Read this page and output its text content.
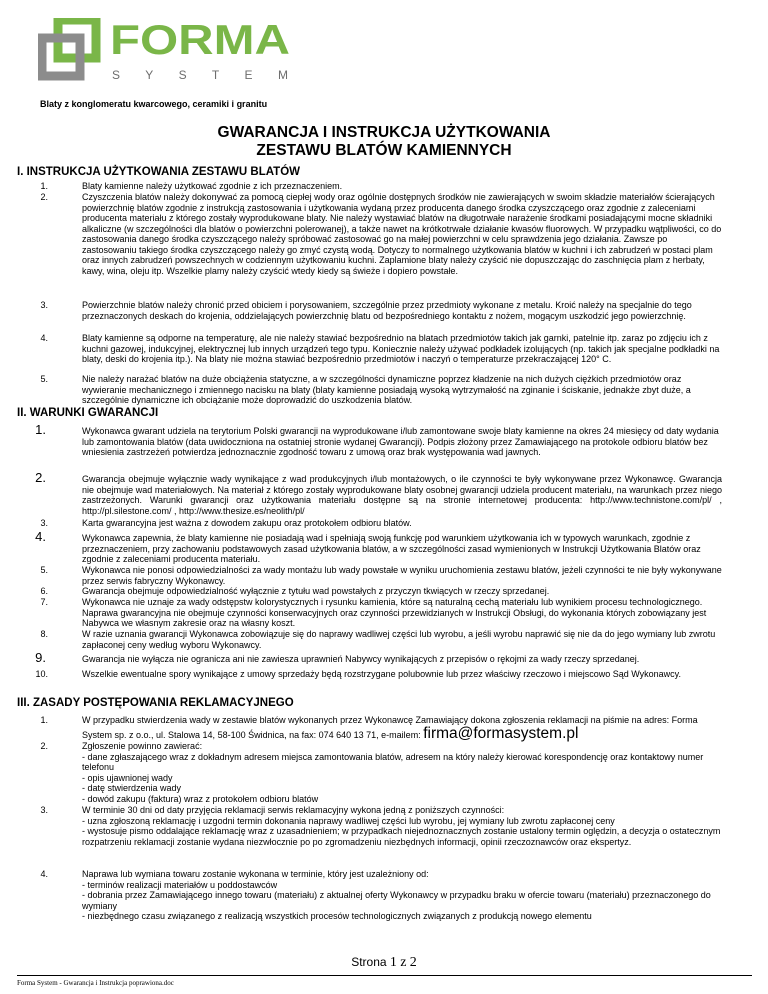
FORMA
S Y S T E M
Blaty z konglomeratu kwarcowego, ceramiki i granitu
GWARANCJA I INSTRUKCJA UŻYTKOWANIA
ZESTAWU BLATÓW KAMIENNYCH
I. INSTRUKCJA UŻYTKOWANIA ZESTAWU BLATÓW
1.	Blaty kamienne należy użytkować zgodnie z ich przeznaczeniem.
2.	Czyszczenia blatów należy dokonywać za pomocą ciepłej wody oraz ogólnie dostępnych środków nie zawierających w swoim składzie materiałów ścierających powierzchnię blatów zgodnie z instrukcją zastosowania i użytkowania wydaną przez producenta danego środka czyszczącego oraz zgodnie z zaleceniami producenta materiału z którego zostały wyprodukowane blaty. Nie należy wystawiać blatów na długotrwałe narażenie środkami posiadającymi mocne składniki alkaliczne (w szczególności dla blatów o powierzchni polerowanej), a także nawet na krótkotrwałe działanie kwasów fluorowych. W przypadku wątpliwości, co do zastosowania danego środka czyszczącego należy spróbować zastosować go na małej powierzchni w celu sprawdzenia jego działania. Zawsze po zastosowaniu takiego środka czyszczącego należy go zmyć czystą wodą. Dotyczy to normalnego użytkowania blatów w kuchni i ich zabrudzeń w postaci plam oraz innych zabrudzeń powszechnych w codziennym użytkowaniu kuchni. Zaplamione blaty należy czyścić nie dopuszczając do zaschnięcia plam z herbaty, kawy, wina, oleju itp. Wszelkie plamy należy czyścić wtedy kiedy są świeże i dopiero powstałe.
3.	Powierzchnie blatów należy chronić przed obiciem i porysowaniem, szczególnie przez przedmioty wykonane z metalu. Kroić należy na specjalnie do tego przeznaczonych deskach do krojenia, oddzielających powierzchnię blatu od bezpośredniego kontaktu z nożem, mogącym uszkodzić jego powierzchnię.
4.	Blaty kamienne są odporne na temperaturę, ale nie należy stawiać bezpośrednio na blatach przedmiotów takich jak garnki, patelnie itp. zaraz po zdjęciu ich z kuchni gazowej, indukcyjnej, elektrycznej lub innych urządzeń tego typu. Koniecznie należy używać podkładek izolujących (np. takich jak specjalne podkładki na blaty, deski do krojenia itp.). Na blaty nie można stawiać bezpośrednio przedmiotów i naczyń o temperaturze przekraczającej 120° C.
5.	Nie należy narażać blatów na duże obciążenia statyczne, a w szczególności dynamiczne poprzez kładzenie na nich dużych ciężkich przedmiotów oraz wywieranie mechanicznego i zmiennego nacisku na blaty (blaty kamienne posiadają wysoką wytrzymałość na zginanie i ściskanie, jednakże zbyt duże, a szczególnie dynamiczne ich obciążanie może doprowadzić do uszkodzenia blatów.
II. WARUNKI GWARANCJI
1.	Wykonawca gwarant udziela na terytorium Polski gwarancji na wyprodukowane i/lub zamontowane swoje blaty kamienne na okres 24 miesięcy od daty wydania lub zamontowania blatów (data uwidoczniona na ostatniej stronie wydanej Gwarancji). Podpis złożony przez Zamawiającego na protokole odbioru blatów bez wniesienia zastrzeżeń potwierdza jednoznacznie zgodność towaru z umową oraz brak występowania wad jawnych.
2.	Gwarancja obejmuje wyłącznie wady wynikające z wad produkcyjnych i/lub montażowych, o ile czynności te były wykonywane przez Wykonawcę. Gwarancja nie obejmuje wad materiałowych. Na materiał z którego zostały wyprodukowane blaty osobnej gwarancji udziela producent materiału, na warunkach przez niego zastrzeżonych. Warunki gwarancji oraz użytkowania materiału dostępne są na stronie internetowej producenta: http://www.technistone.com/pl/ , http://pl.silestone.com/ , http://www.thesize.es/neolith/pl/
3.	Karta gwarancyjna jest ważna z dowodem zakupu oraz protokołem odbioru blatów.
4.	Wykonawca zapewnia, że blaty kamienne nie posiadają wad i spełniają swoją funkcję pod warunkiem użytkowania ich w typowych warunkach, zgodnie z przeznaczeniem, przy zachowaniu podstawowych zasad użytkowania blatów, a w szczególności zasad wymienionych w Instrukcji Użytkowania Blatów oraz zgodnie z zaleceniami producenta materiału.
5.	Wykonawca nie ponosi odpowiedzialności za wady montażu lub wady powstałe w wyniku uruchomienia zestawu blatów, jeżeli czynności te nie były wykonywane przez serwis fabryczny Wykonawcy.
6.	Gwarancja obejmuje odpowiedzialność wyłącznie z tytułu wad powstałych z przyczyn tkwiących w rzeczy sprzedanej.
7.	Wykonawca nie uznaje za wady odstępstw kolorystycznych i rysunku kamienia, które są naturalną cechą materiału lub wynikiem procesu technologicznego. Naprawa gwarancyjna nie obejmuje czynności konserwacyjnych oraz czynności przewidzianych w Instrukcji Obsługi, do wykonania których zobowiązany jest Nabywca we własnym zakresie oraz na własny koszt.
8.	W razie uznania gwarancji Wykonawca zobowiązuje się do naprawy wadliwej części lub wyrobu, a jeśli wyrobu naprawić się nie da do jego wymiany lub zwrotu zapłaconej ceny według wyboru Wykonawcy.
9.	Gwarancja nie wyłącza nie ogranicza ani nie zawiesza uprawnień Nabywcy wynikających z przepisów o rękojmi za wady rzeczy sprzedanej.
10.	Wszelkie ewentualne spory wynikające z umowy sprzedaży będą rozstrzygane polubownie lub przez właściwy rzeczowo i miejscowo Sąd Wykonawcy.
III. ZASADY POSTĘPOWANIA REKLAMACYJNEGO
1.	W przypadku stwierdzenia wady w zestawie blatów wykonanych przez Wykonawcę Zamawiający dokona zgłoszenia reklamacji na piśmie na adres: Forma System sp. z o.o., ul. Stalowa 14, 58-100 Świdnica, na fax: 074 640 13 71, e-mailem: firma@formasystem.pl
2.	Zgłoszenie powinno zawierać:
- dane zgłaszającego wraz z dokładnym adresem miejsca zamontowania blatów, adresem na który należy kierować korespondencję oraz kontaktowy numer telefonu
- opis ujawnionej wady
- datę stwierdzenia wady
- dowód zakupu (faktura) wraz z protokołem odbioru blatów
3.	W terminie 30 dni od daty przyjęcia reklamacji serwis reklamacyjny wykona jedną z poniższych czynności:
- uzna zgłoszoną reklamację i uzgodni termin dokonania naprawy wadliwej części lub wyrobu, jej wymiany lub zwrotu zapłaconej ceny
- wystosuje pismo oddalające reklamację wraz z uzasadnieniem; w przypadkach niejednoznacznych zostanie ustalony termin oględzin, a decyzja o ostatecznym rozpatrzeniu reklamacji zostanie wydana niezwłocznie po po zgromadzeniu niezbędnych informacji, opinii rzeczoznawców oraz ekspertyz.
4.	Naprawa lub wymiana towaru zostanie wykonana w terminie, który jest uzależniony od:
- terminów realizacji materiałów u poddostawców
- dobrania przez Zamawiającego innego towaru (materiału) z aktualnej oferty Wykonawcy w przypadku braku w ofercie towaru (materiału) przeznaczonego do wymiany
- niezbędnego czasu związanego z realizacją wszystkich procesów technologicznych związanych z produkcją nowego elementu
Strona 1 z 2
Forma System - Gwarancja i Instrukcja poprawiona.doc
